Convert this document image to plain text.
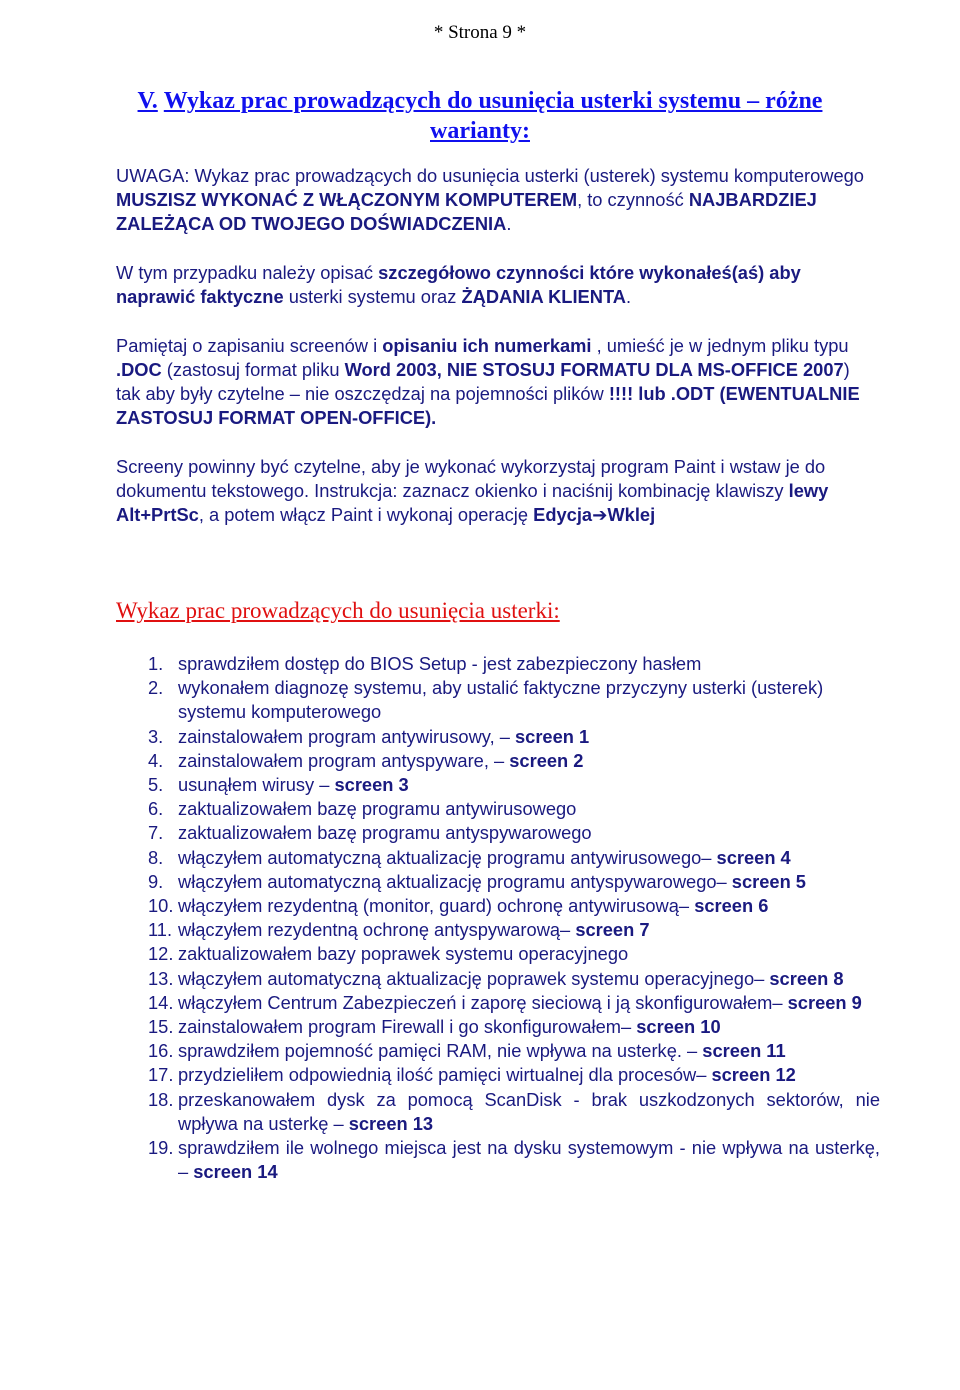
* Strona 9 *
V. Wykaz prac prowadzących do usunięcia usterki systemu – różne warianty:
UWAGA: Wykaz prac prowadzących do usunięcia usterki (usterek) systemu komputerowego MUSZISZ WYKONAĆ Z WŁĄCZONYM KOMPUTEREM, to czynność NAJBARDZIEJ ZALEŻĄCA OD TWOJEGO DOŚWIADCZENIA.
W tym przypadku należy opisać szczegółowo czynności które wykonałeś(aś) aby naprawić faktyczne usterki systemu oraz ŻĄDANIA KLIENTA.
Pamiętaj o zapisaniu screenów i opisaniu ich numerkami , umieść je w jednym pliku typu .DOC (zastosuj format pliku Word 2003, NIE STOSUJ FORMATU DLA MS-OFFICE 2007) tak aby były czytelne – nie oszczędzaj na pojemności plików !!!! lub .ODT (EWENTUALNIE ZASTOSUJ FORMAT OPEN-OFFICE).
Screeny powinny być czytelne, aby je wykonać wykorzystaj program Paint i wstaw je do dokumentu tekstowego. Instrukcja: zaznacz okienko i naciśnij kombinację klawiszy lewy Alt+PrtSc, a potem włącz Paint i wykonaj operację Edycja➔Wklej
Wykaz prac prowadzących do usunięcia usterki:
1. sprawdziłem dostęp do BIOS Setup - jest zabezpieczony hasłem
2. wykonałem diagnozę systemu, aby ustalić faktyczne przyczyny usterki (usterek) systemu komputerowego
3. zainstalowałem program antywirusowy, – screen 1
4. zainstalowałem program antyspyware, – screen 2
5. usunąłem wirusy – screen 3
6. zaktualizowałem bazę programu antywirusowego
7. zaktualizowałem bazę programu antyspywarowego
8. włączyłem automatyczną aktualizację programu antywirusowego– screen 4
9. włączyłem automatyczną aktualizację programu antyspywarowego– screen 5
10. włączyłem rezydentną (monitor, guard) ochronę antywirusową– screen 6
11. włączyłem rezydentną ochronę antyspywarową– screen 7
12. zaktualizowałem bazy poprawek systemu operacyjnego
13. włączyłem automatyczną aktualizację poprawek systemu operacyjnego– screen 8
14. włączyłem Centrum Zabezpieczeń i zaporę sieciową i ją skonfigurowałem– screen 9
15. zainstalowałem program Firewall i go skonfigurowałem– screen 10
16. sprawdziłem pojemność pamięci RAM, nie wpływa na usterkę. – screen 11
17. przydzieliłem odpowiednią ilość pamięci wirtualnej dla procesów– screen 12
18. przeskanowałem dysk za pomocą ScanDisk - brak uszkodzonych sektorów, nie wpływa na usterkę – screen 13
19. sprawdziłem ile wolnego miejsca jest na dysku systemowym - nie wpływa na usterkę, – screen 14
